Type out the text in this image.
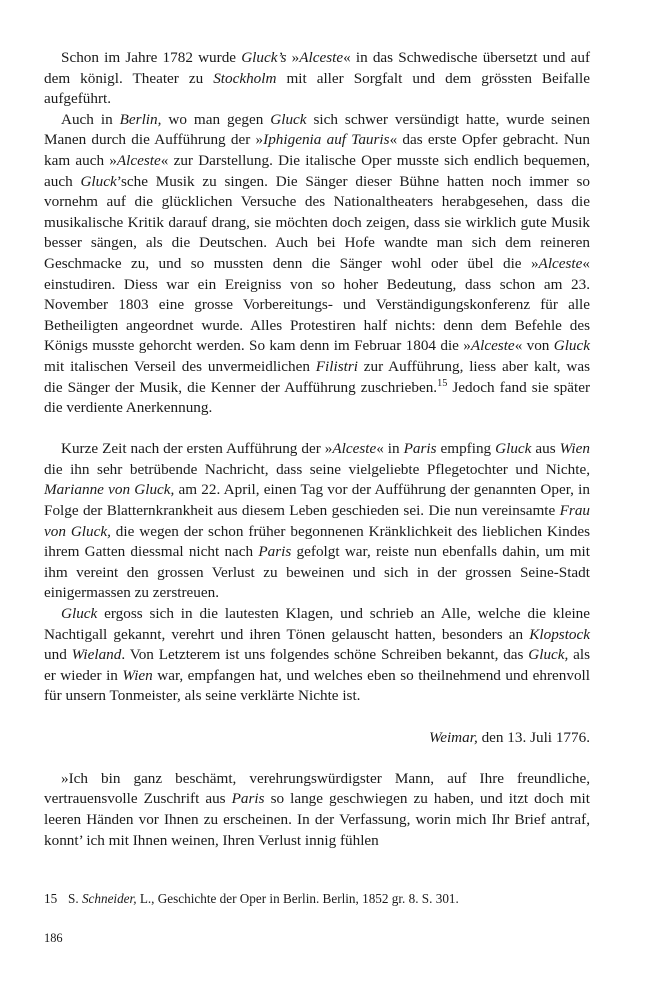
Schon im Jahre 1782 wurde Gluck’s »Alceste« in das Schwedische übersetzt und auf dem königl. Theater zu Stockholm mit aller Sorgfalt und dem grössten Beifalle aufgeführt.

Auch in Berlin, wo man gegen Gluck sich schwer versündigt hatte, wurde seinen Manen durch die Aufführung der »Iphigenia auf Tauris« das erste Opfer gebracht. Nun kam auch »Alceste« zur Darstellung. Die italische Oper musste sich endlich bequemen, auch Gluck’sche Musik zu singen. Die Sänger dieser Bühne hatten noch immer so vornehm auf die glücklichen Versuche des Nationaltheaters herabgesehen, dass die musikalische Kritik darauf drang, sie möchten doch zeigen, dass sie wirklich gute Musik besser sängen, als die Deutschen. Auch bei Hofe wandte man sich dem reineren Geschmacke zu, und so mussten denn die Sänger wohl oder übel die »Alceste« einstudiren. Diess war ein Ereigniss von so hoher Bedeutung, dass schon am 23. November 1803 eine grosse Vorbereitungs- und Verständigungskonferenz für alle Betheiligten angeordnet wurde. Alles Protestiren half nichts: denn dem Befehle des Königs musste gehorcht werden. So kam denn im Februar 1804 die »Alceste« von Gluck mit italischen Verseil des unvermeidlichen Filistri zur Aufführung, liess aber kalt, was die Sänger der Musik, die Kenner der Aufführung zuschrieben.$^{15}$ Jedoch fand sie später die verdiente Anerkennung.

Kurze Zeit nach der ersten Aufführung der »Alceste« in Paris empfing Gluck aus Wien die ihn sehr betrübende Nachricht, dass seine vielgeliebte Pflegetochter und Nichte, Marianne von Gluck, am 22. April, einen Tag vor der Aufführung der genannten Oper, in Folge der Blatternkrankheit aus diesem Leben geschieden sei. Die nun vereinsamte Frau von Gluck, die wegen der schon früher begonnenen Kränklichkeit des lieblichen Kindes ihrem Gatten diessmal nicht nach Paris gefolgt war, reiste nun ebenfalls dahin, um mit ihm vereint den grossen Verlust zu beweinen und sich in der grossen Seine-Stadt einigermassen zu zerstreuen.

Gluck ergoss sich in die lautesten Klagen, und schrieb an Alle, welche die kleine Nachtigall gekannt, verehrt und ihren Tönen gelauscht hatten, besonders an Klopstock und Wieland. Von Letzterem ist uns folgendes schöne Schreiben bekannt, das Gluck, als er wieder in Wien war, empfangen hat, und welches eben so theilnehmend und ehrenvoll für unsern Tonmeister, als seine verklärte Nichte ist.

Weimar, den 13. Juli 1776.

»Ich bin ganz beschämt, verehrungswürdigster Mann, auf Ihre freundliche, vertrauensvolle Zuschrift aus Paris so lange geschwiegen zu haben, und itzt doch mit leeren Händen vor Ihnen zu erscheinen. In der Verfassung, worin mich Ihr Brief antraf, konnt’ ich mit Ihnen weinen, Ihren Verlust innig fühlen

15 S. Schneider, L., Geschichte der Oper in Berlin. Berlin, 1852 gr. 8. S. 301.

186
